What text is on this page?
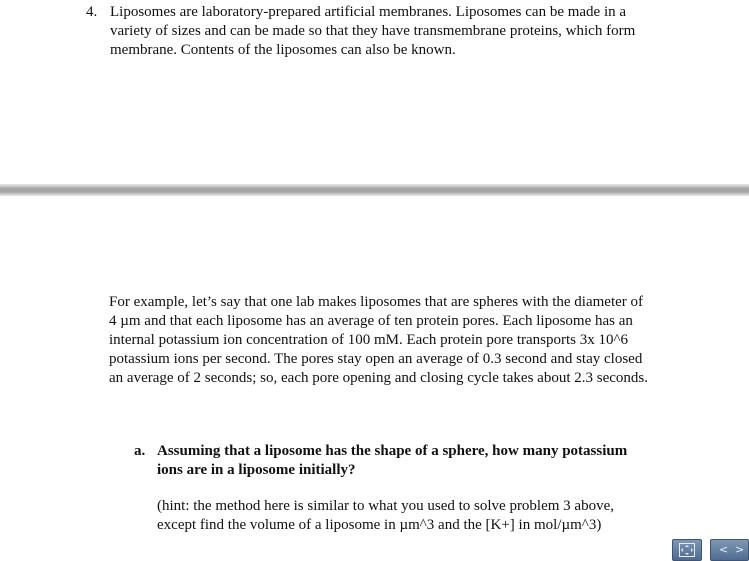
4. Liposomes are laboratory-prepared artificial membranes. Liposomes can be made in a
variety of sizes and can be made so that they have transmembrane proteins, which form
membrane. Contents of the liposomes can also be known.

For example, let’s say that one lab makes liposomes that are spheres with the diameter of
4 µm and that each liposome has an average of ten protein pores. Each liposome has an
internal potassium ion concentration of 100 mM. Each protein pore transports 3x 10^6
potassium ions per second. The pores stay open an average of 0.3 second and stay closed
an average of 2 seconds; so, each pore opening and closing cycle takes about 2.3 seconds.

a. Assuming that a liposome has the shape of a sphere, how many potassium
ions are in a liposome initially?

(hint: the method here is similar to what you used to solve problem 3 above,
except find the volume of a liposome in µm^3 and the [K+] in mol/µm^3)

< >
